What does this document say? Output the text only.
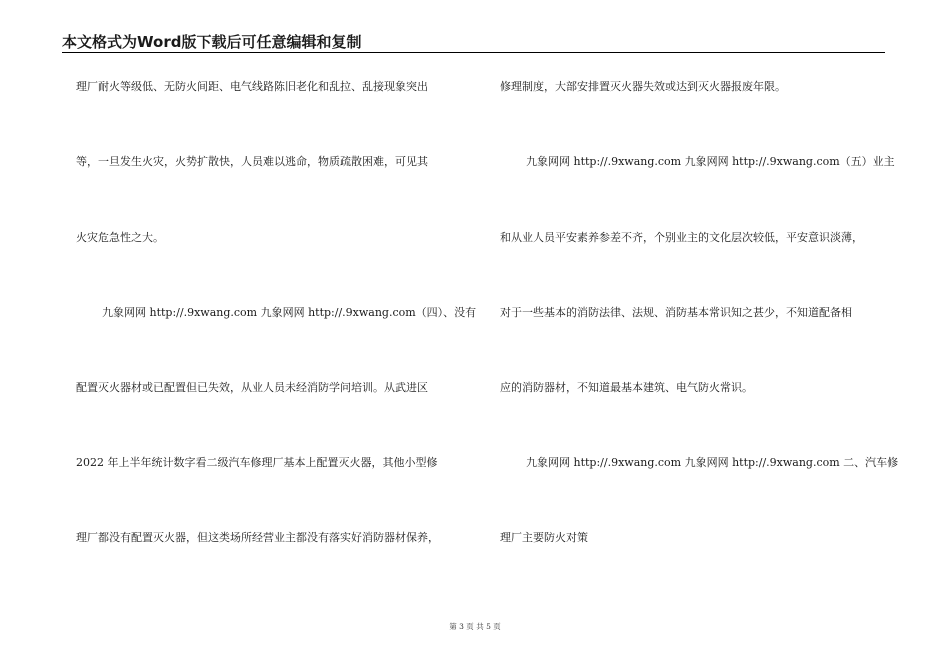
本文格式为Word版下载后可任意编辑和复制
理厂耐火等级低、无防火间距、电气线路陈旧老化和乱拉、乱接现象突出
等，一旦发生火灾，火势扩散快，人员难以逃命，物质疏散困难，可见其
火灾危急性之大。
九象网网 http://.9xwang.com 九象网网 http://.9xwang.com（四）、没有
配置灭火器材或已配置但已失效，从业人员未经消防学问培训。从武进区
2022 年上半年统计数字看二级汽车修理厂基本上配置灭火器，其他小型修
理厂都没有配置灭火器，但这类场所经营业主都没有落实好消防器材保养，
修理制度，大部安排置灭火器失效或达到灭火器报废年限。
九象网网 http://.9xwang.com 九象网网 http://.9xwang.com（五）业主
和从业人员平安素养参差不齐，个别业主的文化层次较低，平安意识淡薄，
对于一些基本的消防法律、法规、消防基本常识知之甚少，不知道配备相
应的消防器材，不知道最基本建筑、电气防火常识。
九象网网 http://.9xwang.com 九象网网 http://.9xwang.com 二、汽车修
理厂主要防火对策
第 3 页 共 5 页
